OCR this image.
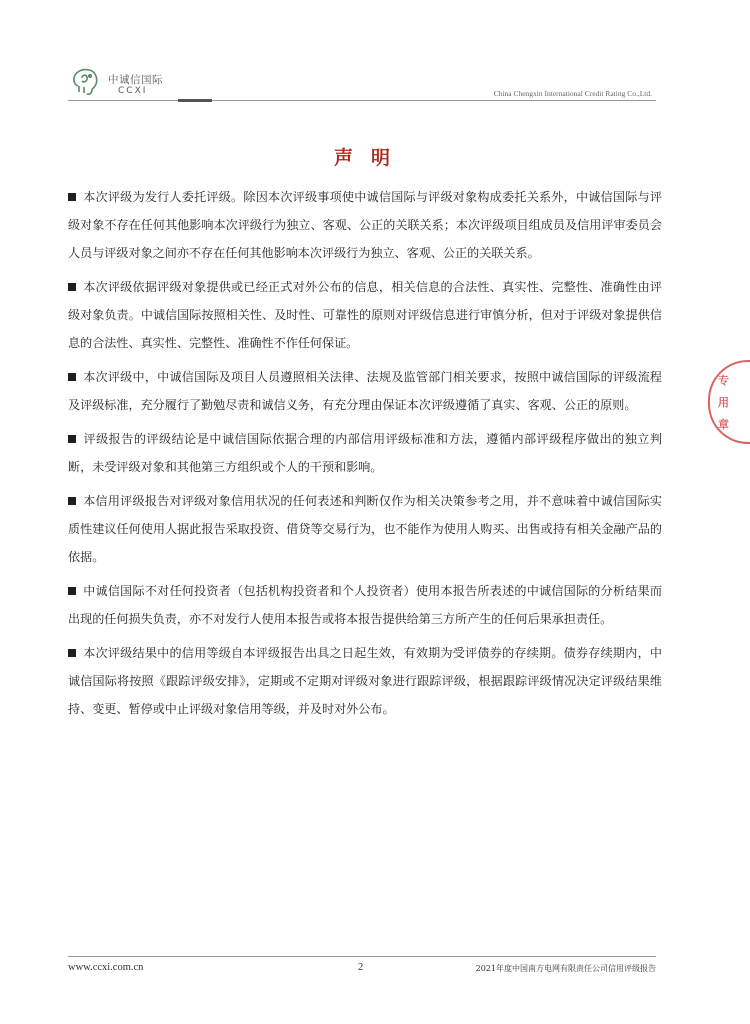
中诚信国际
CCXI	China Chengxin International Credit Rating Co.,Ltd.
声明

本次评级为发行人委托评级。除因本次评级事项使中诚信国际与评级对象构成委托关系外，中诚信国际与评级对象不存在任何其他影响本次评级行为独立、客观、公正的关联关系；本次评级项目组成员及信用评审委员会人员与评级对象之间亦不存在任何其他影响本次评级行为独立、客观、公正的关联关系。

本次评级依据评级对象提供或已经正式对外公布的信息，相关信息的合法性、真实性、完整性、准确性由评级对象负责。中诚信国际按照相关性、及时性、可靠性的原则对评级信息进行审慎分析，但对于评级对象提供信息的合法性、真实性、完整性、准确性不作任何保证。

本次评级中，中诚信国际及项目人员遵照相关法律、法规及监管部门相关要求，按照中诚信国际的评级流程及评级标准，充分履行了勤勉尽责和诚信义务，有充分理由保证本次评级遵循了真实、客观、公正的原则。

评级报告的评级结论是中诚信国际依据合理的内部信用评级标准和方法，遵循内部评级程序做出的独立判断，未受评级对象和其他第三方组织或个人的干预和影响。

本信用评级报告对评级对象信用状况的任何表述和判断仅作为相关决策参考之用，并不意味着中诚信国际实质性建议任何使用人据此报告采取投资、借贷等交易行为，也不能作为使用人购买、出售或持有相关金融产品的依据。

中诚信国际不对任何投资者（包括机构投资者和个人投资者）使用本报告所表述的中诚信国际的分析结果而出现的任何损失负责，亦不对发行人使用本报告或将本报告提供给第三方所产生的任何后果承担责任。

本次评级结果中的信用等级自本评级报告出具之日起生效，有效期为受评债券的存续期。债券存续期内，中诚信国际将按照《跟踪评级安排》，定期或不定期对评级对象进行跟踪评级，根据跟踪评级情况决定评级结果维持、变更、暂停或中止评级对象信用等级，并及时对外公布。

专
用
章
www.ccxi.com.cn	2	2021年度中国南方电网有限责任公司信用评级报告
